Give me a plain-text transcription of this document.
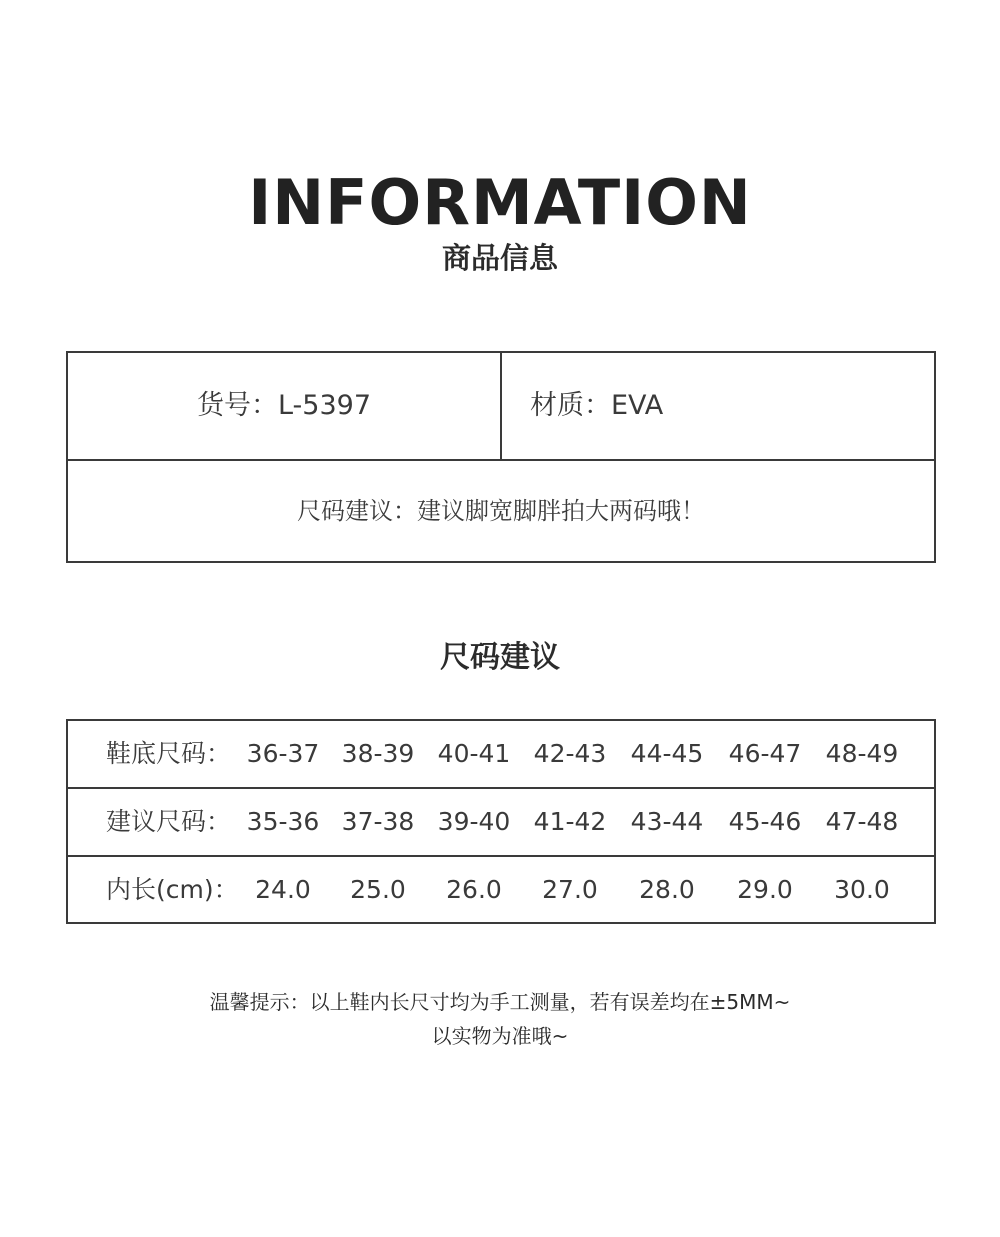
INFORMATION
商品信息
货号：L-5397	材质：EVA
尺码建议：建议脚宽脚胖拍大两码哦！
尺码建议
鞋底尺码： 36-37 38-39 40-41 42-43 44-45	46-47 48-49
建议尺码： 35-36 37-38 39-40 41-42 43-44	45-46 47-48
内长(cm)： 24.0	25.0	26.0	27.0	28.0	29.0	30.0
温馨提示：以上鞋内长尺寸均为手工测量，若有误差均在±5MM~
以实物为准哦~
